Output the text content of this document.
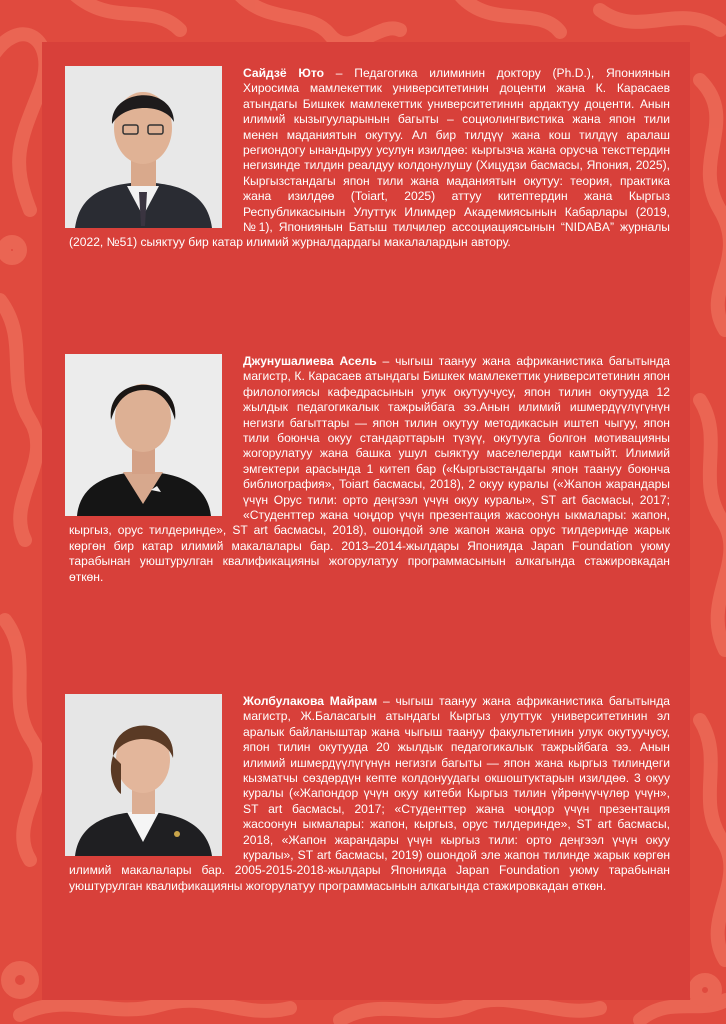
Сайдзё Юто – Педагогика илиминин доктору (Ph.D.), Япониянын Хиросима мамлекеттик университетинин доценти жана К. Карасаев атындагы Бишкек мамлекеттик университетинин ардактуу доценти. Анын илимий кызыгууларынын багыты – социолингвистика жана япон тили менен маданиятын окутуу. Ал бир тилдүү жана кош тилдүү аралаш региондогу ынандыруу усулун изилдөө: кыргызча жана орусча тексттердин негизинде тилдин реалдуу колдонулушу (Хицудзи басмасы, Япония, 2025), Кыргызстандагы япон тили жана маданиятын окутуу: теория, практика жана изилдөө (Toiart, 2025) аттуу китептердин жана Кыргыз Республикасынын Улуттук Илимдер Академиясынын Кабарлары (2019, №1), Япониянын Батыш тилчилер ассоциациясынын “NIDABA” журналы (2022, №51) сыяктуу бир катар илимий журналдардагы макалалардын автору.
Джунушалиева Асель – чыгыш таануу жана африканистика багытында магистр, К. Карасаев атындагы Бишкек мамлекеттик университетинин япон филологиясы кафедрасынын улук окутуучусу, япон тилин окутууда 12 жылдык педагогикалык тажрыйбага ээ.Анын илимий ишмердүүлүгүнүн негизги багыттары — япон тилин окутуу методикасын иштеп чыгуу, япон тили боюнча окуу стандарттарын түзүү, окутууга болгон мотивацияны жогорулатуу жана башка ушул сыяктуу маселелерди камтыйт. Илимий эмгектери арасында 1 китеп бар («Кыргызстандагы япон таануу боюнча библиография», Toiart басмасы, 2018), 2 окуу куралы («Жапон жарандары үчүн Орус тили: орто деңгээл үчүн окуу куралы», ST art басмасы, 2017; «Студенттер жана чоңдор үчүн презентация жасоонун ыкмалары: жапон, кыргыз, орус тилдеринде», ST art басмасы, 2018), ошондой эле жапон жана орус тилдеринде жарык көргөн бир катар илимий макалалары бар. 2013–2014-жылдары Японияда Japan Foundation уюму тарабынан уюштурулган квалификацияны жогорулатуу программасынын алкагында стажировкадан өткөн.
Жолбулакова Майрам – чыгыш таануу жана африканистика багытында магистр, Ж.Баласагын атындагы Кыргыз улуттук университетинин эл аралык байланыштар жана чыгыш таануу факультетинин улук окутуучусу, япон тилин окутууда 20 жылдык педагогикалык тажрыйбага ээ. Анын илимий ишмердүүлүгүнүн негизги багыты — япон жана кыргыз тилиндеги кызматчы сөздөрдүн кепте колдонуудагы окшоштуктарын изилдөө. 3 окуу куралы («Жапондор үчүн окуу китеби Кыргыз тилин үйрөнүүчүлөр үчүн», ST art басмасы, 2017; «Студенттер жана чоңдор үчүн презентация жасоонун ыкмалары: жапон, кыргыз, орус тилдеринде», ST art басмасы, 2018, «Жапон жарандары үчүн кыргыз тили: орто деңгээл үчүн окуу куралы», ST art басмасы, 2019) ошондой эле жапон тилинде жарык көргөн илимий макалалары бар. 2005-2015-2018-жылдары Японияда Japan Foundation уюму тарабынан уюштурулган квалификацияны жогорулатуу программасынын алкагында стажировкадан өткөн.
